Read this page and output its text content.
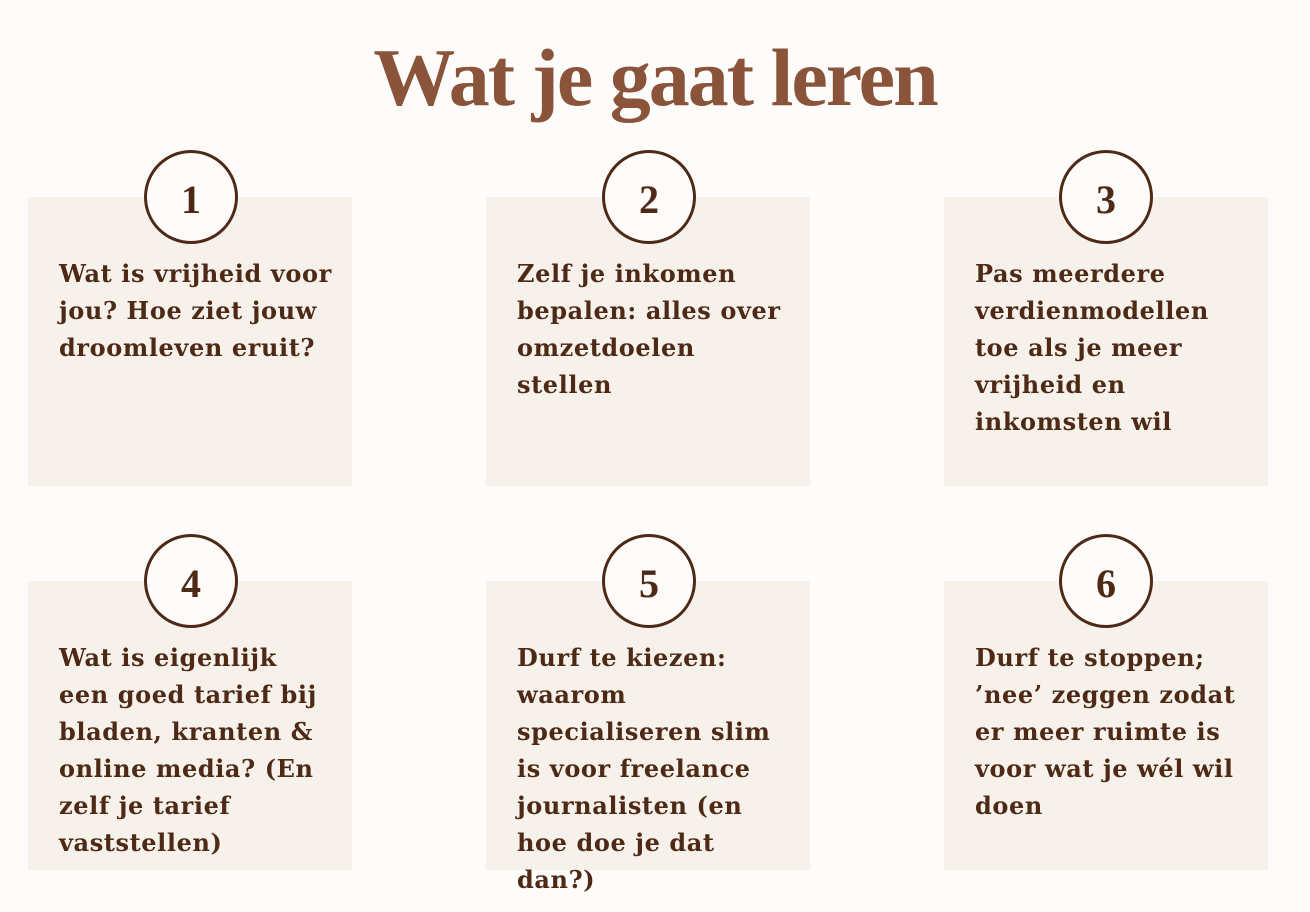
Wat je gaat leren

Wat is vrijheid voor jou? Hoe ziet jouw droomleven eruit?

1

Zelf je inkomen bepalen: alles over omzetdoelen stellen

2

Pas meerdere verdienmodellen toe als je meer vrijheid en inkomsten wil

3

Wat is eigenlijk een goed tarief bij bladen, kranten & online media? (En zelf je tarief vaststellen)

4

Durf te kiezen: waarom specialiseren slim is voor freelance journalisten (en hoe doe je dat dan?)

5

Durf te stoppen; ’nee’ zeggen zodat er meer ruimte is voor wat je wél wil doen

6
